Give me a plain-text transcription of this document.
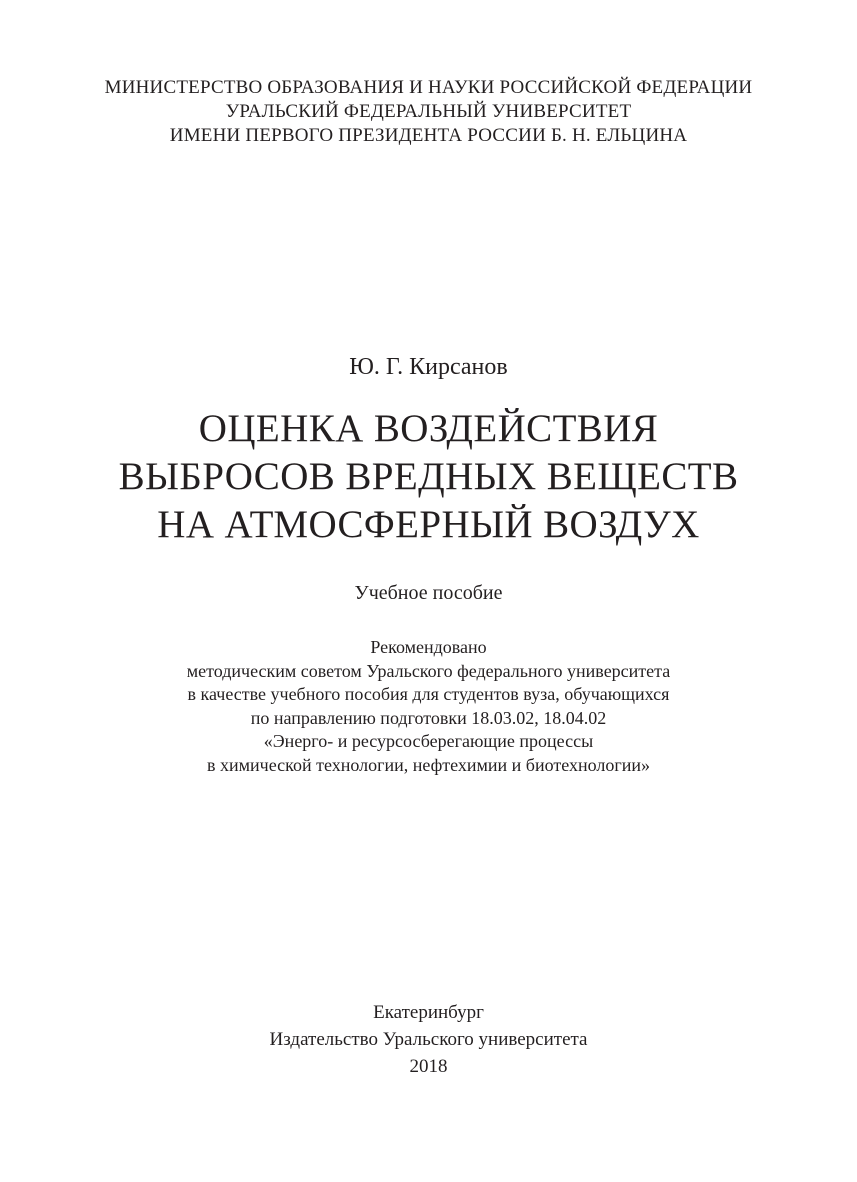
МИНИСТЕРСТВО ОБРАЗОВАНИЯ И НАУКИ РОССИЙСКОЙ ФЕДЕРАЦИИ
УРАЛЬСКИЙ ФЕДЕРАЛЬНЫЙ УНИВЕРСИТЕТ
ИМЕНИ ПЕРВОГО ПРЕЗИДЕНТА РОССИИ Б. Н. ЕЛЬЦИНА
Ю. Г. Кирсанов
ОЦЕНКА ВОЗДЕЙСТВИЯ
ВЫБРОСОВ ВРЕДНЫХ ВЕЩЕСТВ
НА АТМОСФЕРНЫЙ ВОЗДУХ
Учебное пособие
Рекомендовано
методическим советом Уральского федерального университета
в качестве учебного пособия для студентов вуза, обучающихся
по направлению подготовки 18.03.02, 18.04.02
«Энерго- и ресурсосберегающие процессы
в химической технологии, нефтехимии и биотехнологии»
Екатеринбург
Издательство Уральского университета
2018
